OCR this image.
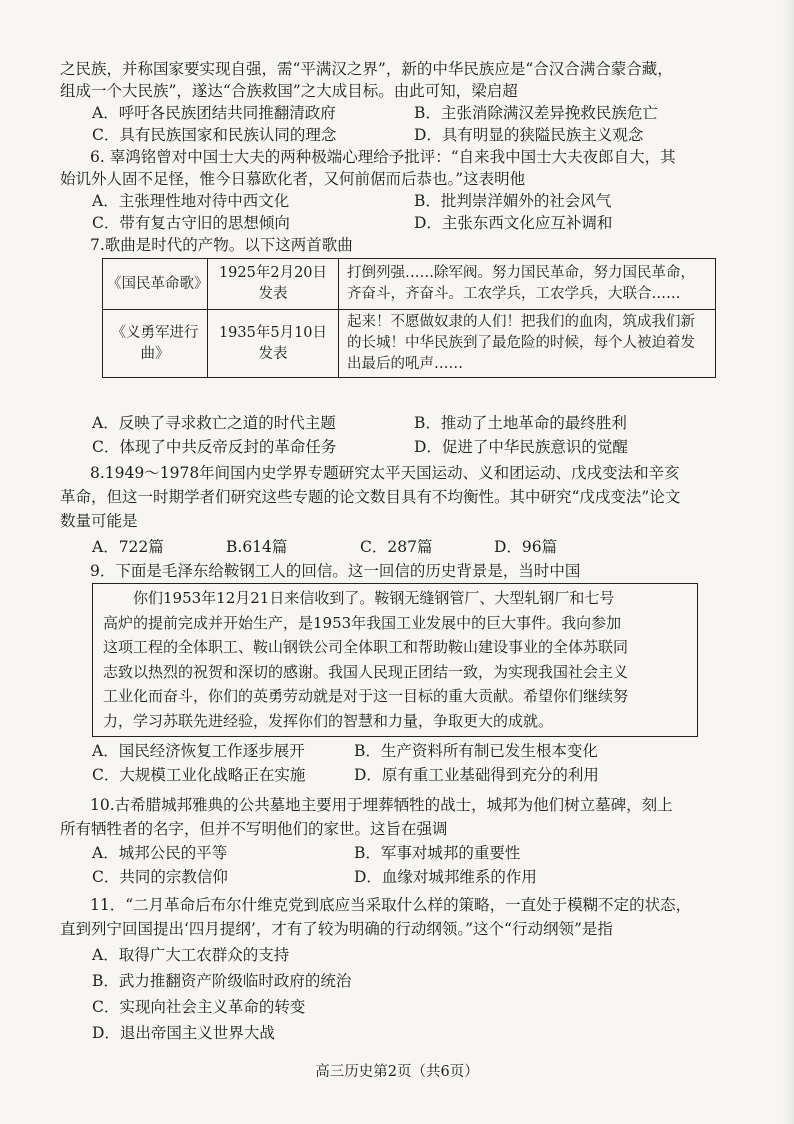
之民族，并称国家要实现自强，需“平满汉之界”，新的中华民族应是“合汉合满合蒙合藏，
组成一个大民族”，遂达“合族救国”之大成目标。由此可知，梁启超
A．呼吁各民族团结共同推翻清政府	B．主张消除满汉差异挽救民族危亡
C．具有民族国家和民族认同的理念	D．具有明显的狭隘民族主义观念
6. 辜鸿铭曾对中国士大夫的两种极端心理给予批评：“自来我中国士大夫夜郎自大，其
始讥外人固不足怪，惟今日慕欧化者，又何前倨而后恭也。”这表明他
A．主张理性地对待中西文化	B．批判崇洋媚外的社会风气
C．带有复古守旧的思想倾向	D．主张东西文化应互补调和
7.歌曲是时代的产物。以下这两首歌曲
《国民革命歌》	1925年2月20日发表	打倒列强……除军阀。努力国民革命，努力国民革命，齐奋斗，齐奋斗。工农学兵，工农学兵，大联合……
《义勇军进行曲》	1935年5月10日发表	起来！不愿做奴隶的人们！把我们的血肉，筑成我们新的长城！中华民族到了最危险的时候，每个人被迫着发出最后的吼声……
A．反映了寻求救亡之道的时代主题	B．推动了土地革命的最终胜利
C．体现了中共反帝反封的革命任务	D．促进了中华民族意识的觉醒
8.1949～1978年间国内史学界专题研究太平天国运动、义和团运动、戊戌变法和辛亥
革命，但这一时期学者们研究这些专题的论文数目具有不均衡性。其中研究“戊戌变法”论文
数量可能是
A．722篇	B.614篇	C．287篇	D．96篇
9．下面是毛泽东给鞍钢工人的回信。这一回信的历史背景是，当时中国

你们1953年12月21日来信收到了。鞍钢无缝钢管厂、大型轧钢厂和七号

高炉的提前完成并开始生产，是1953年我国工业发展中的巨大事件。我向参加

这项工程的全体职工、鞍山钢铁公司全体职工和帮助鞍山建设事业的全体苏联同

志致以热烈的祝贺和深切的感谢。我国人民现正团结一致，为实现我国社会主义

工业化而奋斗，你们的英勇劳动就是对于这一目标的重大贡献。希望你们继续努

力，学习苏联先进经验，发挥你们的智慧和力量，争取更大的成就。

A．国民经济恢复工作逐步展开	B．生产资料所有制已发生根本变化
C．大规模工业化战略正在实施	D．原有重工业基础得到充分的利用
10.古希腊城邦雅典的公共墓地主要用于埋葬牺牲的战士，城邦为他们树立墓碑，刻上
所有牺牲者的名字，但并不写明他们的家世。这旨在强调
A．城邦公民的平等	B．军事对城邦的重要性
C．共同的宗教信仰	D．血缘对城邦维系的作用
11．“二月革命后布尔什维克党到底应当采取什么样的策略，一直处于模糊不定的状态，
直到列宁回国提出‘四月提纲’，才有了较为明确的行动纲领。”这个“行动纲领”是指
A．取得广大工农群众的支持
B．武力推翻资产阶级临时政府的统治
C．实现向社会主义革命的转变
D．退出帝国主义世界大战
高三历史第2页（共6页）
